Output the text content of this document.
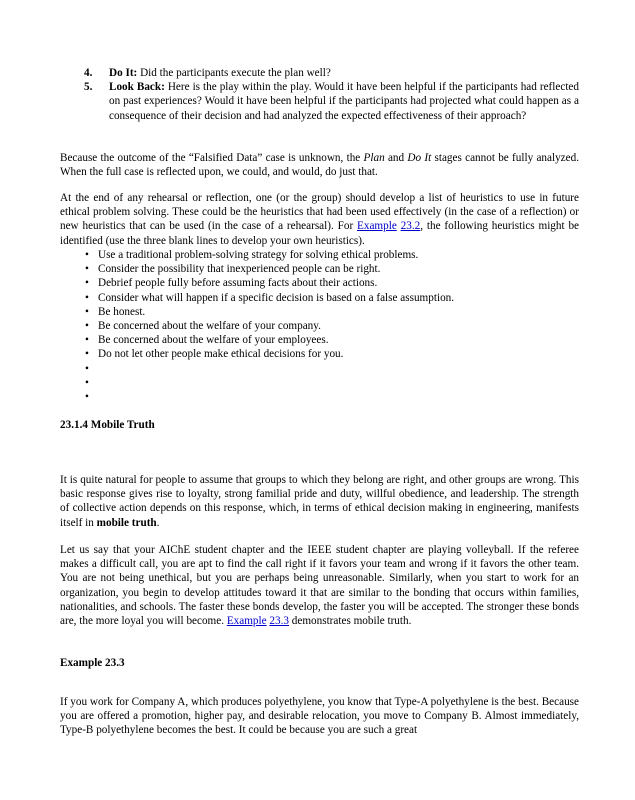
4. Do It: Did the participants execute the plan well?
5. Look Back: Here is the play within the play. Would it have been helpful if the participants had reflected on past experiences? Would it have been helpful if the participants had projected what could happen as a consequence of their decision and had analyzed the expected effectiveness of their approach?

Because the outcome of the “Falsified Data” case is unknown, the Plan and Do It stages cannot be fully analyzed. When the full case is reflected upon, we could, and would, do just that.

At the end of any rehearsal or reflection, one (or the group) should develop a list of heuristics to use in future ethical problem solving. These could be the heuristics that had been used effectively (in the case of a reflection) or new heuristics that can be used (in the case of a rehearsal). For Example 23.2, the following heuristics might be identified (use the three blank lines to develop your own heuristics).

• Use a traditional problem-solving strategy for solving ethical problems.
• Consider the possibility that inexperienced people can be right.
• Debrief people fully before assuming facts about their actions.
• Consider what will happen if a specific decision is based on a false assumption.
• Be honest.
• Be concerned about the welfare of your company.
• Be concerned about the welfare of your employees.
• Do not let other people make ethical decisions for you.
•
•
•
23.1.4 Mobile Truth

It is quite natural for people to assume that groups to which they belong are right, and other groups are wrong. This basic response gives rise to loyalty, strong familial pride and duty, willful obedience, and leadership. The strength of collective action depends on this response, which, in terms of ethical decision making in engineering, manifests itself in mobile truth.

Let us say that your AIChE student chapter and the IEEE student chapter are playing volleyball. If the referee makes a difficult call, you are apt to find the call right if it favors your team and wrong if it favors the other team. You are not being unethical, but you are perhaps being unreasonable. Similarly, when you start to work for an organization, you begin to develop attitudes toward it that are similar to the bonding that occurs within families, nationalities, and schools. The faster these bonds develop, the faster you will be accepted. The stronger these bonds are, the more loyal you will become. Example 23.3 demonstrates mobile truth.

Example 23.3

If you work for Company A, which produces polyethylene, you know that Type-A polyethylene is the best. Because you are offered a promotion, higher pay, and desirable relocation, you move to Company B. Almost immediately, Type-B polyethylene becomes the best. It could be because you are such a great
